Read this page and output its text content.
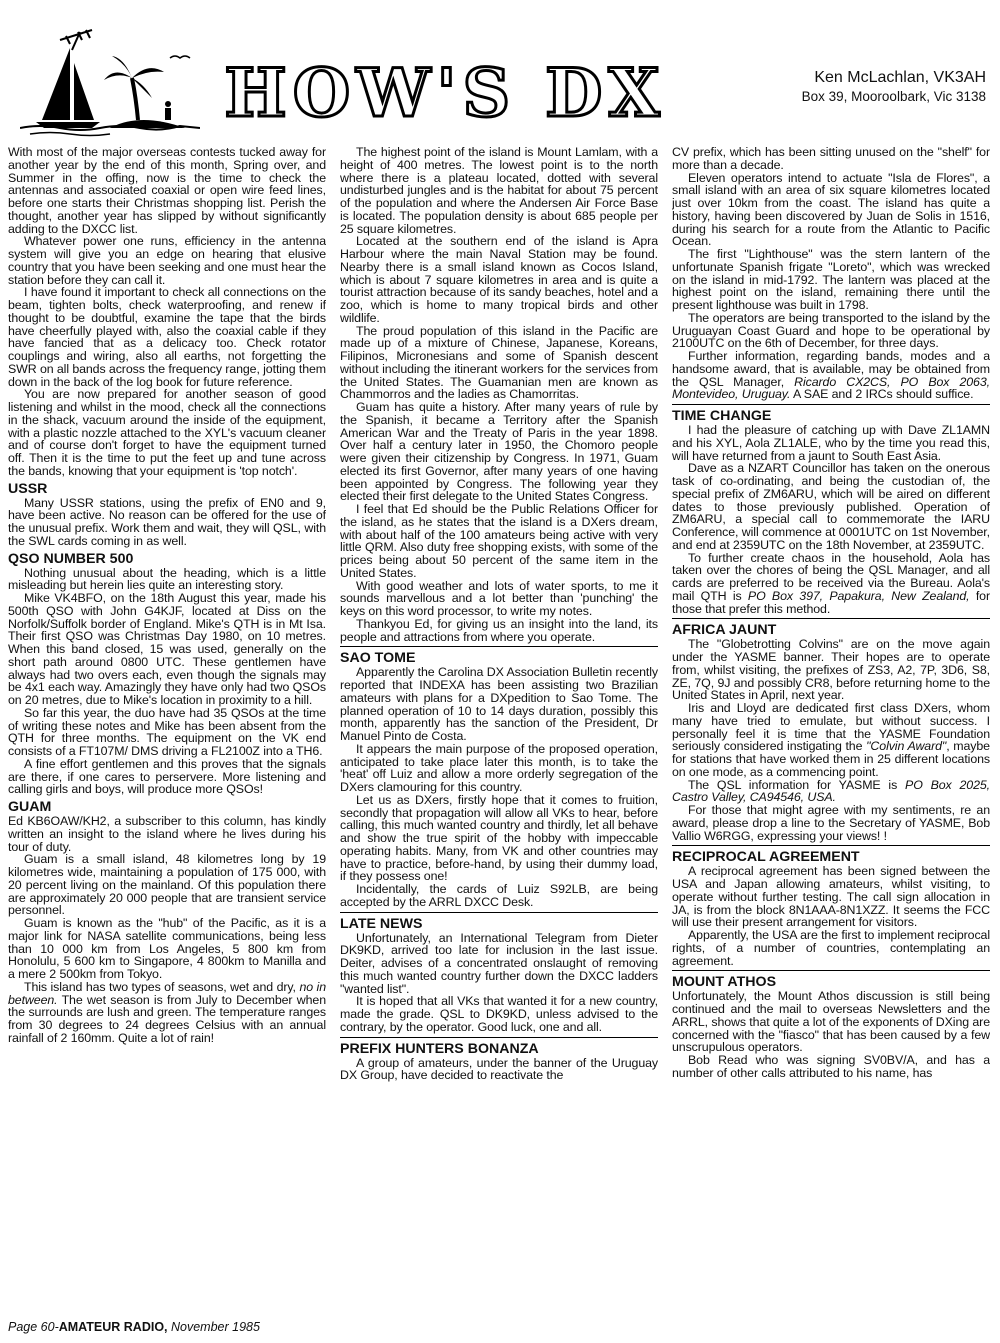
HOW'S DX	Ken McLachlan, VK3AH
Box 39, Mooroolbark, Vic 3138

With most of the major overseas contests tucked away for another year by the end of this month, Spring over, and Summer in the offing, now is the time to check the antennas and associated coaxial or open wire feed lines, before one starts their Christmas shopping list. Perish the thought, another year has slipped by without significantly adding to the DXCC list.

Whatever power one runs, efficiency in the antenna system will give you an edge on hearing that elusive country that you have been seeking and one must hear the station before they can call it.

I have found it important to check all connections on the beam, tighten bolts, check waterproofing, and renew if thought to be doubtful, examine the tape that the birds have cheerfully played with, also the coaxial cable if they have fancied that as a delicacy too. Check rotator couplings and wiring, also all earths, not forgetting the SWR on all bands across the frequency range, jotting them down in the back of the log book for future reference.

You are now prepared for another season of good listening and whilst in the mood, check all the connections in the shack, vacuum around the inside of the equipment, with a plastic nozzle attached to the XYL's vacuum cleaner and of course don't forget to have the equipment turned off. Then it is the time to put the feet up and tune across the bands, knowing that your equipment is 'top notch'.

USSR

Many USSR stations, using the prefix of EN0 and 9, have been active. No reason can be offered for the use of the unusual prefix. Work them and wait, they will QSL, with the SWL cards coming in as well.

QSO NUMBER 500

Nothing unusual about the heading, which is a little misleading but herein lies quite an interesting story.

Mike VK4BFO, on the 18th August this year, made his 500th QSO with John G4KJF, located at Diss on the Norfolk/Suffolk border of England. Mike's QTH is in Mt Isa. Their first QSO was Christmas Day 1980, on 10 metres. When this band closed, 15 was used, generally on the short path around 0800 UTC. These gentlemen have always had two overs each, even though the signals may be 4x1 each way. Amazingly they have only had two QSOs on 20 metres, due to Mike's location in proximity to a hill.

So far this year, the duo have had 35 QSOs at the time of writing these notes and Mike has been absent from the QTH for three months. The equipment on the VK end consists of a FT107M/ DMS driving a FL2100Z into a TH6.

A fine effort gentlemen and this proves that the signals are there, if one cares to perservere. More listening and calling girls and boys, will produce more QSOs!

GUAM

Ed KB6OAW/KH2, a subscriber to this column, has kindly written an insight to the island where he lives during his tour of duty.

Guam is a small island, 48 kilometres long by 19 kilometres wide, maintaining a population of 175 000, with 20 percent living on the mainland. Of this population there are approximately 20 000 people that are transient service personnel.

Guam is known as the "hub" of the Pacific, as it is a major link for NASA satellite communications, being less than 10 000 km from Los Angeles, 5 800 km from Honolulu, 5 600 km to Singapore, 4 800km to Manilla and a mere 2 500km from Tokyo.

This island has two types of seasons, wet and dry, no in between. The wet season is from July to December when the surrounds are lush and green. The temperature ranges from 30 degrees to 24 degrees Celsius with an annual rainfall of 2 160mm. Quite a lot of rain!

The highest point of the island is Mount Lamlam, with a height of 400 metres. The lowest point is to the north where there is a plateau located, dotted with several undisturbed jungles and is the habitat for about 75 percent of the population and where the Andersen Air Force Base is located. The population density is about 685 people per 25 square kilometres.

Located at the southern end of the island is Apra Harbour where the main Naval Station may be found. Nearby there is a small island known as Cocos Island, which is about 7 square kilometres in area and is quite a tourist attraction because of its sandy beaches, hotel and a zoo, which is home to many tropical birds and other wildlife.

The proud population of this island in the Pacific are made up of a mixture of Chinese, Japanese, Koreans, Filipinos, Micronesians and some of Spanish descent without including the itinerant workers for the services from the United States. The Guamanian men are known as Chammorros and the ladies as Chamorritas.

Guam has quite a history. After many years of rule by the Spanish, it became a Territory after the Spanish American War and the Treaty of Paris in the year 1898. Over half a century later in 1950, the Chomoro people were given their citizenship by Congress. In 1971, Guam elected its first Governor, after many years of one having been appointed by Congress. The following year they elected their first delegate to the United States Congress.

I feel that Ed should be the Public Relations Officer for the island, as he states that the island is a DXers dream, with about half of the 100 amateurs being active with very little QRM. Also duty free shopping exists, with some of the prices being about 50 percent of the same item in the United States.

With good weather and lots of water sports, to me it sounds marvellous and a lot better than 'punching' the keys on this word processor, to write my notes.

Thankyou Ed, for giving us an insight into the land, its people and attractions from where you operate.

SAO TOME

Apparently the Carolina DX Association Bulletin recently reported that INDEXA has been assisting two Brazilian amateurs with plans for a DXpedition to Sao Tome. The planned operation of 10 to 14 days duration, possibly this month, apparently has the sanction of the President, Dr Manuel Pinto de Costa.

It appears the main purpose of the proposed operation, anticipated to take place later this month, is to take the 'heat' off Luiz and allow a more orderly segregation of the DXers clamouring for this country.

Let us as DXers, firstly hope that it comes to fruition, secondly that propagation will allow all VKs to hear, before calling, this much wanted country and thirdly, let all behave and show the true spirit of the hobby with impeccable operating habits. Many, from VK and other countries may have to practice, before-hand, by using their dummy load, if they possess one!

Incidentally, the cards of Luiz S92LB, are being accepted by the ARRL DXCC Desk.

LATE NEWS

Unfortunately, an International Telegram from Dieter DK9KD, arrived too late for inclusion in the last issue. Deiter, advises of a concentrated onslaught of removing this much wanted country further down the DXCC ladders "wanted list".

It is hoped that all VKs that wanted it for a new country, made the grade. QSL to DK9KD, unless advised to the contrary, by the operator. Good luck, one and all.

PREFIX HUNTERS BONANZA

A group of amateurs, under the banner of the Uruguay DX Group, have decided to reactivate the

CV prefix, which has been sitting unused on the "shelf" for more than a decade.

Eleven operators intend to actuate "Isla de Flores", a small island with an area of six square kilometres located just over 10km from the coast. The island has quite a history, having been discovered by Juan de Solis in 1516, during his search for a route from the Atlantic to Pacific Ocean.

The first "Lighthouse" was the stern lantern of the unfortunate Spanish frigate "Loreto", which was wrecked on the island in mid-1792. The lantern was placed at the highest point on the island, remaining there until the present lighthouse was built in 1798.

The operators are being transported to the island by the Uruguayan Coast Guard and hope to be operational by 2100UTC on the 6th of December, for three days.

Further information, regarding bands, modes and a handsome award, that is available, may be obtained from the QSL Manager, Ricardo CX2CS, PO Box 2063, Montevideo, Uruguay. A SAE and 2 IRCs should suffice.

TIME CHANGE

I had the pleasure of catching up with Dave ZL1AMN and his XYL, Aola ZL1ALE, who by the time you read this, will have returned from a jaunt to South East Asia.

Dave as a NZART Councillor has taken on the onerous task of co-ordinating, and being the custodian of, the special prefix of ZM6ARU, which will be aired on different dates to those previously published. Operation of ZM6ARU, a special call to commemorate the IARU Conference, will commence at 0001UTC on 1st November, and end at 2359UTC on the 18th November, at 2359UTC.

To further create chaos in the household, Aola has taken over the chores of being the QSL Manager, and all cards are preferred to be received via the Bureau. Aola's mail QTH is PO Box 397, Papakura, New Zealand, for those that prefer this method.

AFRICA JAUNT

The "Globetrotting Colvins" are on the move again under the YASME banner. Their hopes are to operate from, whilst visiting, the prefixes of ZS3, A2, 7P, 3D6, S8, ZE, 7Q, 9J and possibly CR8, before returning home to the United States in April, next year.

Iris and Lloyd are dedicated first class DXers, whom many have tried to emulate, but without success. I personally feel it is time that the YASME Foundation seriously considered instigating the "Colvin Award", maybe for stations that have worked them in 25 different locations on one mode, as a commencing point.

The QSL information for YASME is PO Box 2025, Castro Valley, CA94546, USA.

For those that might agree with my sentiments, re an award, please drop a line to the Secretary of YASME, Bob Vallio W6RGG, expressing your views! !

RECIPROCAL AGREEMENT

A reciprocal agreement has been signed between the USA and Japan allowing amateurs, whilst visiting, to operate without further testing. The call sign allocation in JA, is from the block 8N1AAA-8N1XZZ. It seems the FCC will use their present arrangement for visitors.

Apparently, the USA are the first to implement reciprocal rights, of a number of countries, contemplating an agreement.

MOUNT ATHOS

Unfortunately, the Mount Athos discussion is still being continued and the mail to overseas Newsletters and the ARRL, shows that quite a lot of the exponents of DXing are concerned with the "fiasco" that has been caused by a few unscrupulous operators.

Bob Read who was signing SV0BV/A, and has a number of other calls attributed to his name, has

Page 60-AMATEUR RADIO, November 1985
